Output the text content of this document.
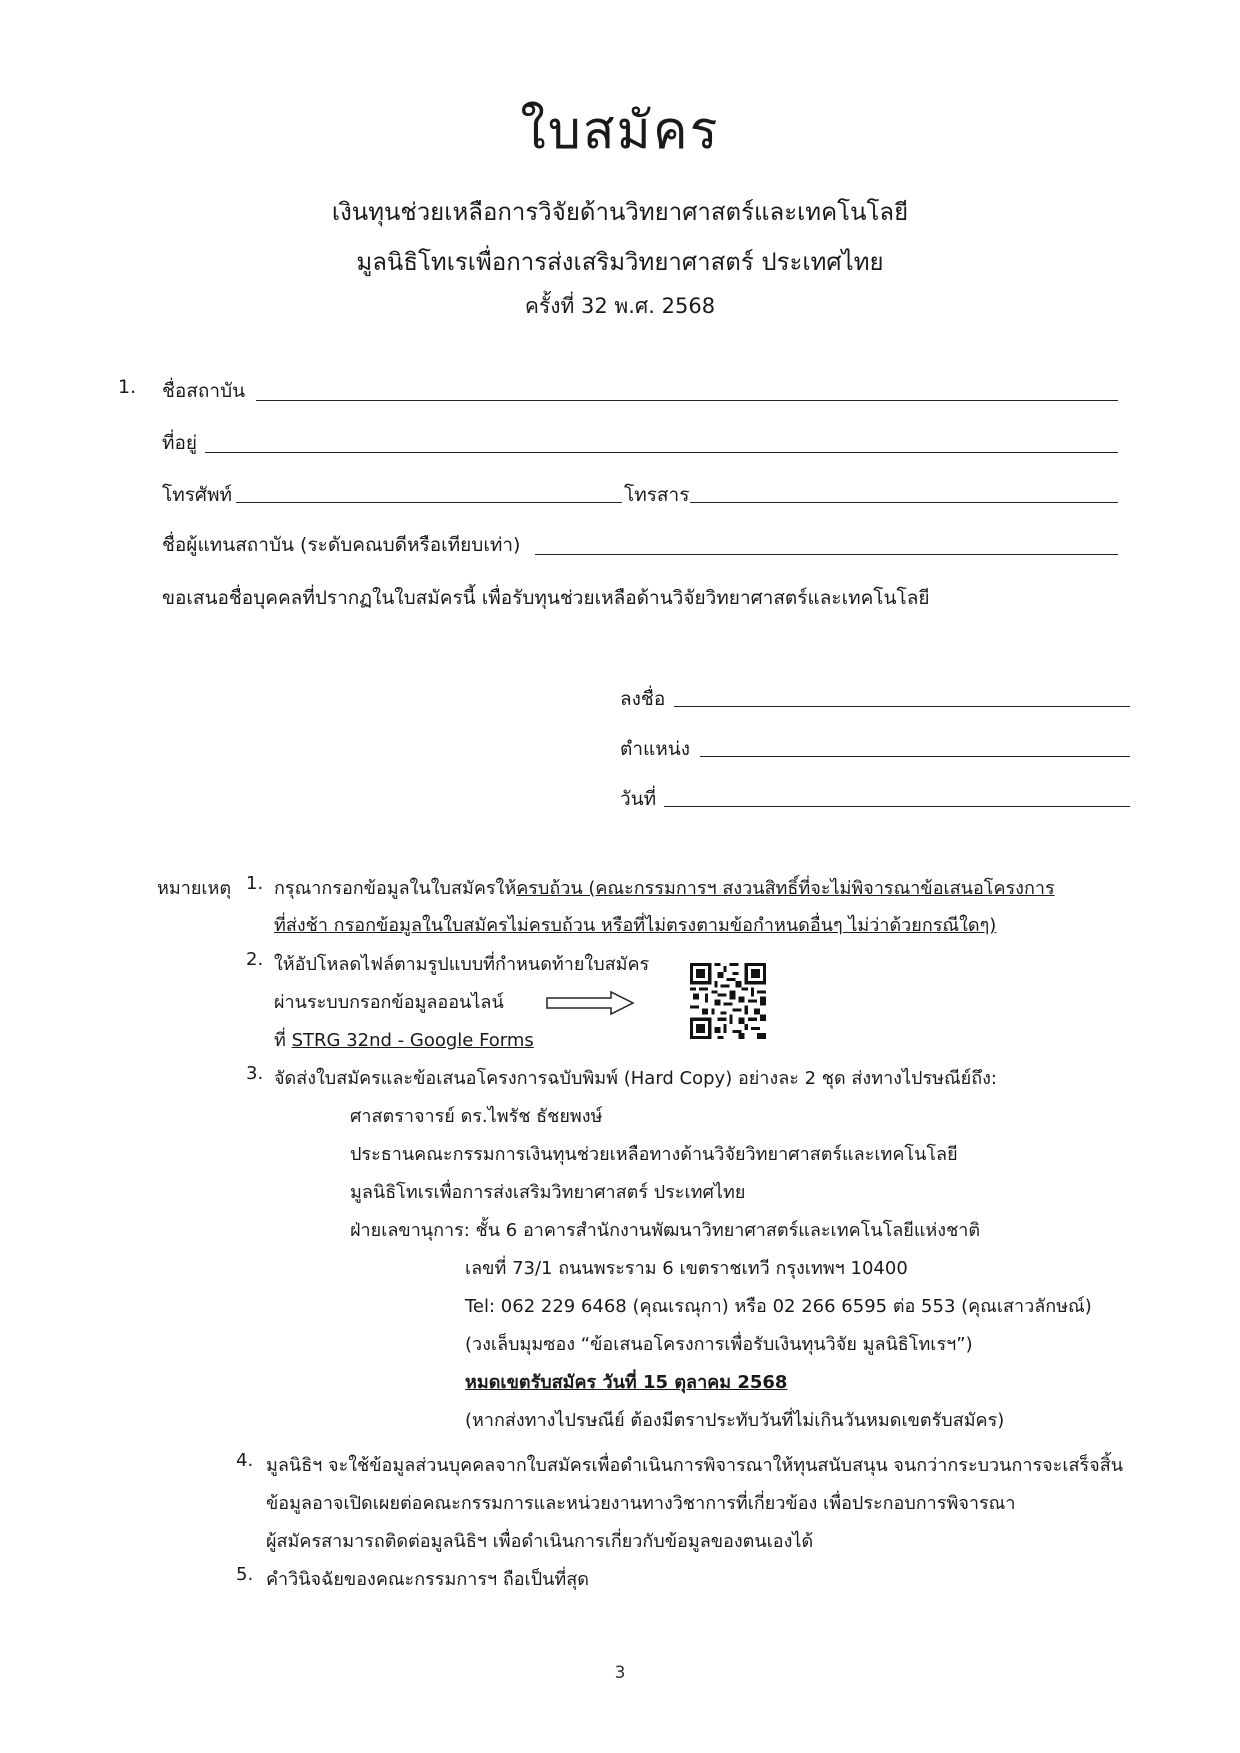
ใบสมัคร
เงินทุนช่วยเหลือการวิจัยด้านวิทยาศาสตร์และเทคโนโลยี
มูลนิธิโทเรเพื่อการส่งเสริมวิทยาศาสตร์ ประเทศไทย
ครั้งที่ 32 พ.ศ. 2568
1. ชื่อสถาบัน
ที่อยู่
โทรศัพท์	โทรสาร
ชื่อผู้แทนสถาบัน (ระดับคณบดีหรือเทียบเท่า)
ขอเสนอชื่อบุคคลที่ปรากฏในใบสมัครนี้ เพื่อรับทุนช่วยเหลือด้านวิจัยวิทยาศาสตร์และเทคโนโลยี
ลงชื่อ
ตำแหน่ง
วันที่
หมายเหตุ 1. กรุณากรอกข้อมูลในใบสมัครให้ครบถ้วน (คณะกรรมการฯ สงวนสิทธิ์ที่จะไม่พิจารณาข้อเสนอโครงการ
ที่ส่งช้า กรอกข้อมูลในใบสมัครไม่ครบถ้วน หรือที่ไม่ตรงตามข้อกำหนดอื่นๆ ไม่ว่าด้วยกรณีใดๆ)
2. ให้อัปโหลดไฟล์ตามรูปแบบที่กำหนดท้ายใบสมัคร
ผ่านระบบกรอกข้อมูลออนไลน์
ที่ STRG 32nd - Google Forms
3. จัดส่งใบสมัครและข้อเสนอโครงการฉบับพิมพ์ (Hard Copy) อย่างละ 2 ชุด ส่งทางไปรษณีย์ถึง:
ศาสตราจารย์ ดร.ไพรัช ธัชยพงษ์
ประธานคณะกรรมการเงินทุนช่วยเหลือทางด้านวิจัยวิทยาศาสตร์และเทคโนโลยี
มูลนิธิโทเรเพื่อการส่งเสริมวิทยาศาสตร์ ประเทศไทย
ฝ่ายเลขานุการ: ชั้น 6 อาคารสำนักงานพัฒนาวิทยาศาสตร์และเทคโนโลยีแห่งชาติ
เลขที่ 73/1 ถนนพระราม 6 เขตราชเทวี กรุงเทพฯ 10400
Tel: 062 229 6468 (คุณเรณุกา) หรือ 02 266 6595 ต่อ 553 (คุณเสาวลักษณ์)
(วงเล็บมุมซอง “ข้อเสนอโครงการเพื่อรับเงินทุนวิจัย มูลนิธิโทเรฯ”)
หมดเขตรับสมัคร วันที่ 15 ตุลาคม 2568
(หากส่งทางไปรษณีย์ ต้องมีตราประทับวันที่ไม่เกินวันหมดเขตรับสมัคร)
4. มูลนิธิฯ จะใช้ข้อมูลส่วนบุคคลจากใบสมัครเพื่อดำเนินการพิจารณาให้ทุนสนับสนุน จนกว่ากระบวนการจะเสร็จสิ้น
ข้อมูลอาจเปิดเผยต่อคณะกรรมการและหน่วยงานทางวิชาการที่เกี่ยวข้อง เพื่อประกอบการพิจารณา
ผู้สมัครสามารถติดต่อมูลนิธิฯ เพื่อดำเนินการเกี่ยวกับข้อมูลของตนเองได้
5. คำวินิจฉัยของคณะกรรมการฯ ถือเป็นที่สุด
3
